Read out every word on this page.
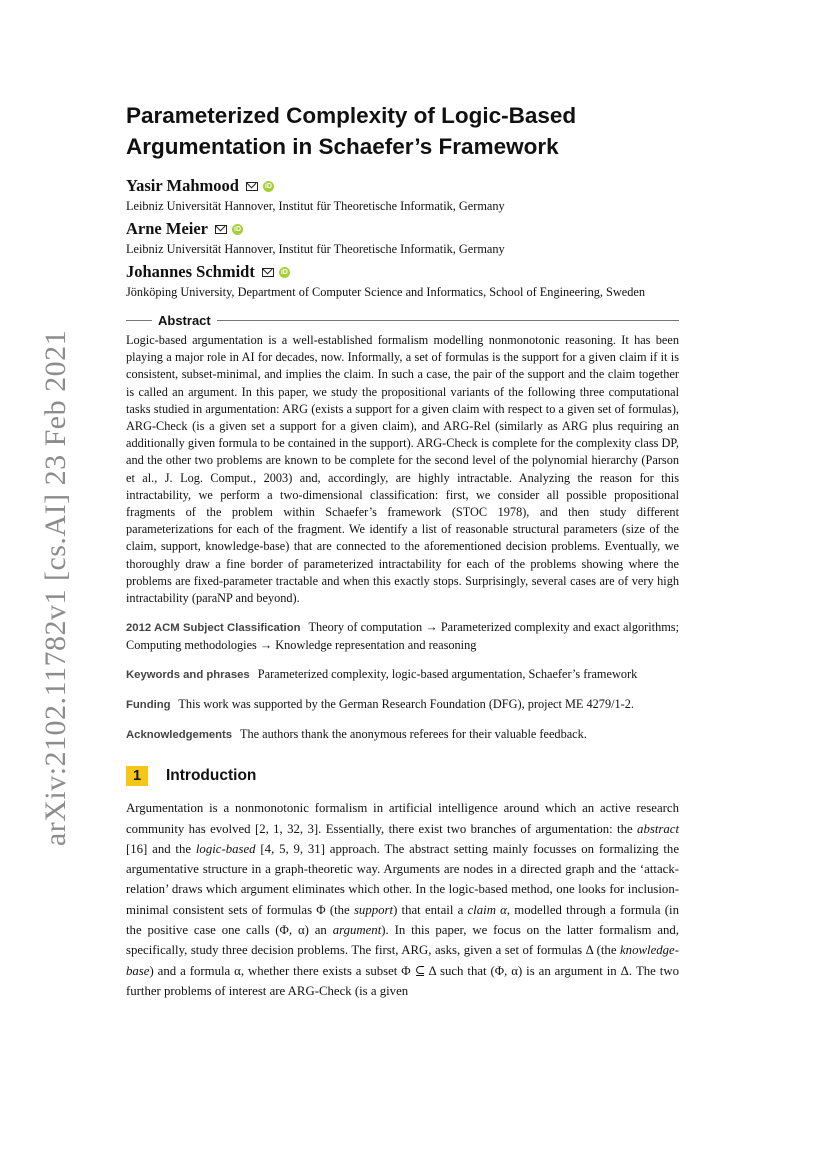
arXiv:2102.11782v1 [cs.AI] 23 Feb 2021
Parameterized Complexity of Logic-Based Argumentation in Schaefer’s Framework
Yasir Mahmood	iD
Leibniz Universität Hannover, Institut für Theoretische Informatik, Germany
Arne Meier	iD
Leibniz Universität Hannover, Institut für Theoretische Informatik, Germany
Johannes Schmidt	iD
Jönköping University, Department of Computer Science and Informatics, School of Engineering, Sweden
Abstract

Logic-based argumentation is a well-established formalism modelling nonmonotonic reasoning. It has been playing a major role in AI for decades, now. Informally, a set of formulas is the support for a given claim if it is consistent, subset-minimal, and implies the claim. In such a case, the pair of the support and the claim together is called an argument. In this paper, we study the propositional variants of the following three computational tasks studied in argumentation: ARG (exists a support for a given claim with respect to a given set of formulas), ARG-Check (is a given set a support for a given claim), and ARG-Rel (similarly as ARG plus requiring an additionally given formula to be contained in the support). ARG-Check is complete for the complexity class DP, and the other two problems are known to be complete for the second level of the polynomial hierarchy (Parson et al., J. Log. Comput., 2003) and, accordingly, are highly intractable. Analyzing the reason for this intractability, we perform a two-dimensional classification: first, we consider all possible propositional fragments of the problem within Schaefer’s framework (STOC 1978), and then study different parameterizations for each of the fragment. We identify a list of reasonable structural parameters (size of the claim, support, knowledge-base) that are connected to the aforementioned decision problems. Eventually, we thoroughly draw a fine border of parameterized intractability for each of the problems showing where the problems are fixed-parameter tractable and when this exactly stops. Surprisingly, several cases are of very high intractability (paraNP and beyond).

2012 ACM Subject Classification Theory of computation → Parameterized complexity and exact algorithms; Computing methodologies → Knowledge representation and reasoning
Keywords and phrases Parameterized complexity, logic-based argumentation, Schaefer’s framework
Funding This work was supported by the German Research Foundation (DFG), project ME 4279/1-2.
Acknowledgements The authors thank the anonymous referees for their valuable feedback.
1	Introduction

Argumentation is a nonmonotonic formalism in artificial intelligence around which an active research community has evolved [2, 1, 32, 3]. Essentially, there exist two branches of argumentation: the abstract [16] and the logic-based [4, 5, 9, 31] approach. The abstract setting mainly focusses on formalizing the argumentative structure in a graph-theoretic way. Arguments are nodes in a directed graph and the ‘attack-relation’ draws which argument eliminates which other. In the logic-based method, one looks for inclusion-minimal consistent sets of formulas Φ (the support) that entail a claim α, modelled through a formula (in the positive case one calls (Φ, α) an argument). In this paper, we focus on the latter formalism and, specifically, study three decision problems. The first, ARG, asks, given a set of formulas Δ (the knowledge-base) and a formula α, whether there exists a subset Φ ⊆ Δ such that (Φ, α) is an argument in Δ. The two further problems of interest are ARG-Check (is a given
